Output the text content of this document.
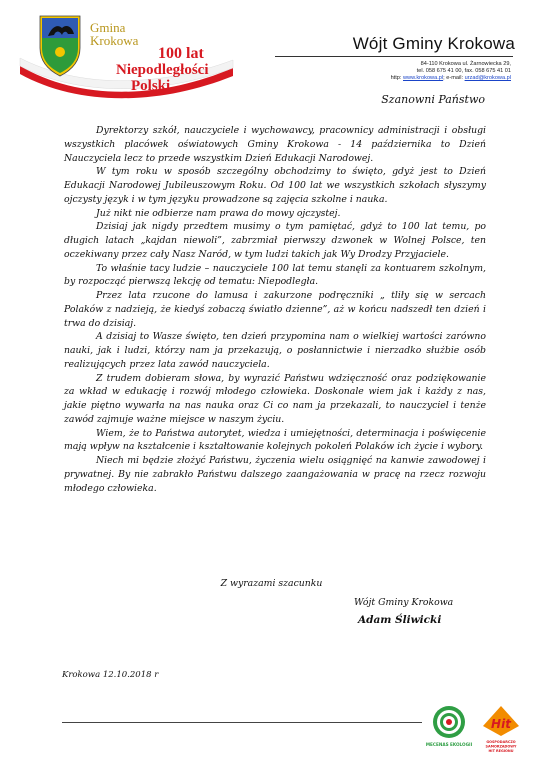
Gmina
Krokowa
100 lat
Niepodległości
Polski
Wójt Gminy Krokowa
84-110 Krokowa ul. Żarnowiecka 29,
tel. 058 675 41 00, fax. 058 675 41 01
http: www.krokowa.pl; e-mail: urzad@krokowa.pl
Szanowni Państwo

Dyrektorzy szkół, nauczyciele i wychowawcy, pracownicy administracji i obsługi wszystkich placówek oświatowych Gminy Krokowa - 14 października to Dzień Nauczyciela lecz to przede wszystkim Dzień Edukacji Narodowej.

W tym roku w sposób szczególny obchodzimy to święto, gdyż jest to Dzień Edukacji Narodowej Jubileuszowym Roku. Od 100 lat we wszystkich szkołach słyszymy ojczysty język i w tym języku prowadzone są zajęcia szkolne i nauka.

Już nikt nie odbierze nam prawa do mowy ojczystej.

Dzisiaj jak nigdy przedtem musimy o tym pamiętać, gdyż to 100 lat temu, po długich latach „kajdan niewoli”, zabrzmiał pierwszy dzwonek w Wolnej Polsce, ten oczekiwany przez cały Nasz Naród, w tym ludzi takich jak Wy Drodzy Przyjaciele.

To właśnie tacy ludzie – nauczyciele 100 lat temu stanęli za kontuarem szkolnym, by rozpocząć pierwszą lekcję od tematu: Niepodległa.

Przez lata rzucone do lamusa i zakurzone podręczniki „ tliły się w sercach Polaków z nadzieją, że kiedyś zobaczą światło dzienne”, aż w końcu nadszedł ten dzień i trwa do dzisiaj.

A dzisiaj to Wasze święto, ten dzień przypomina nam o wielkiej wartości zarówno nauki, jak i ludzi, którzy nam ja przekazują, o posłannictwie i nierzadko służbie osób realizujących przez lata zawód nauczyciela.

Z trudem dobieram słowa, by wyrazić Państwu wdzięczność oraz podziękowanie za wkład w edukację i rozwój młodego człowieka. Doskonale wiem jak i każdy z nas, jakie piętno wywarła na nas nauka oraz Ci co nam ja przekazali, to nauczyciel i tenże zawód zajmuje ważne miejsce w naszym życiu.

Wiem, że to Państwa autorytet, wiedza i umiejętności, determinacja i poświęcenie mają wpływ na kształcenie i kształtowanie kolejnych pokoleń Polaków ich życie i wybory.

Niech mi będzie złożyć Państwu, życzenia wielu osiągnięć na kanwie zawodowej i prywatnej. By nie zabrakło Państwu dalszego zaangażowania w pracę na rzecz rozwoju młodego człowieka.

Z wyrazami szacunku
Wójt Gminy Krokowa
Adam Śliwicki
Krokowa 12.10.2018 r
MECENAS EKOLOGII
Hit
GOSPODARCZO
SAMORZĄDOWY
HIT REGIONU
